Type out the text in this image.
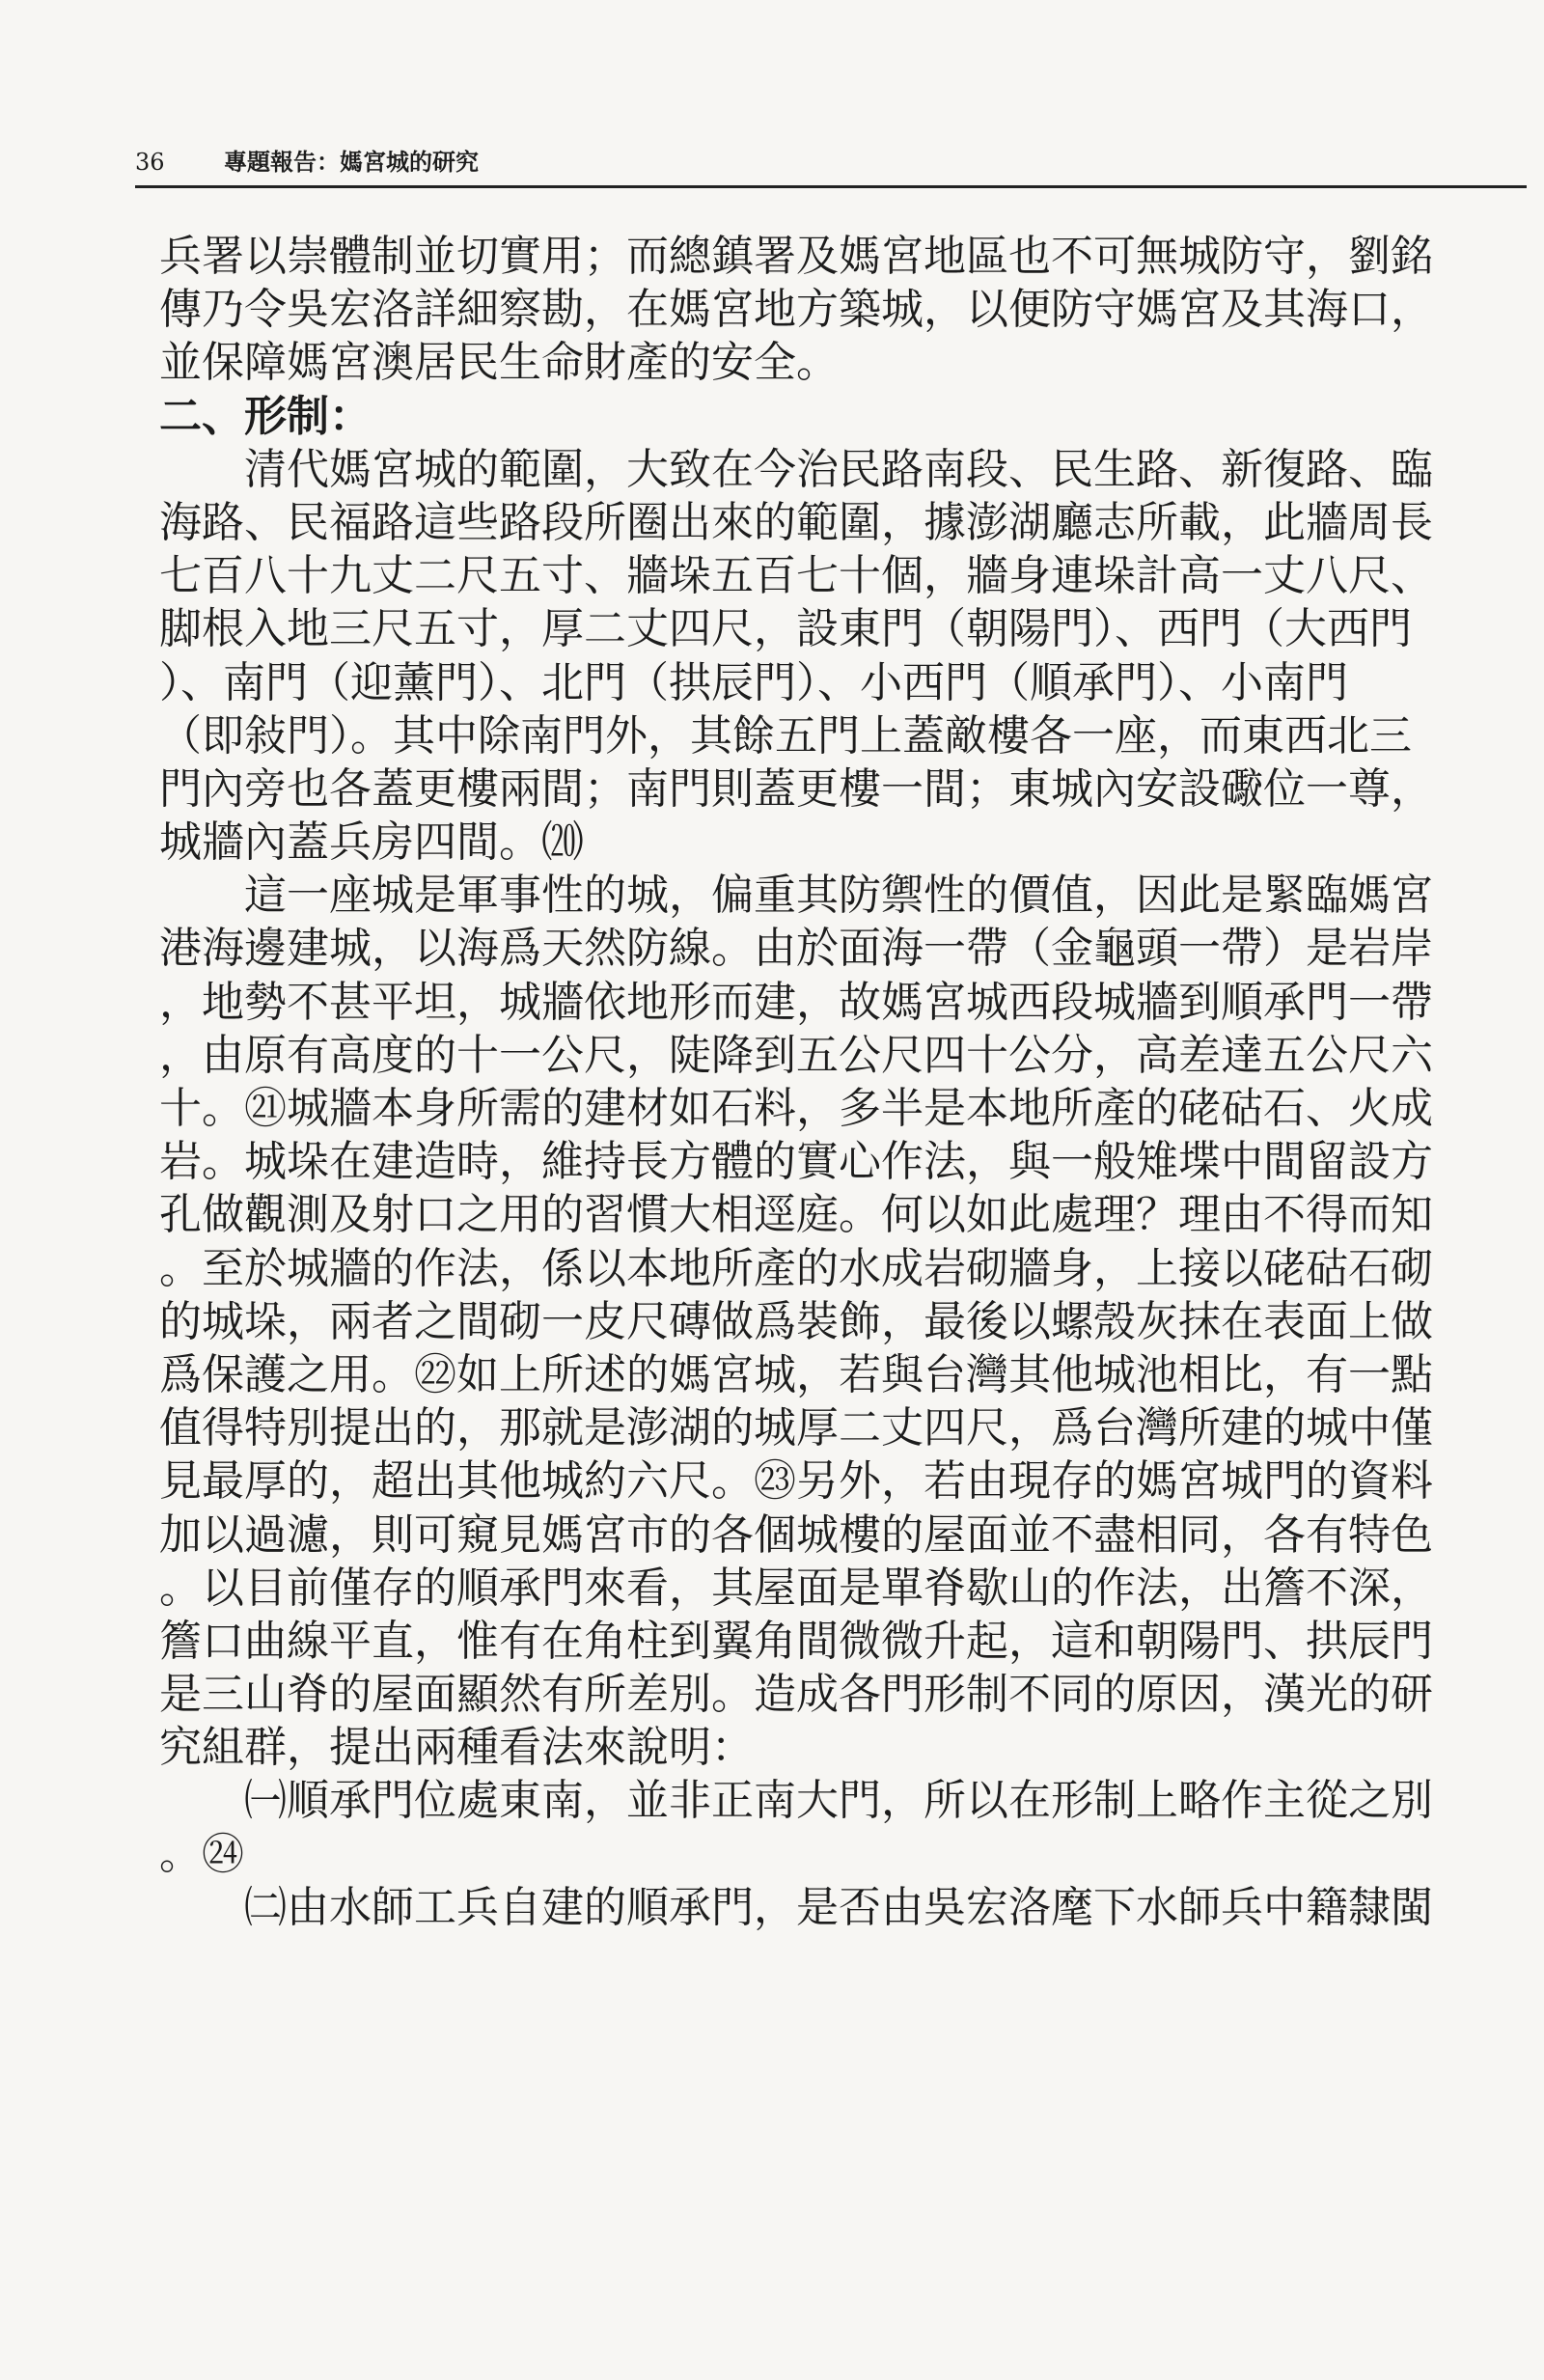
36	專題報告：媽宮城的研究
兵署以崇體制並切實用；而總鎮署及媽宮地區也不可無城防守，劉銘
傳乃令吳宏洛詳細察勘，在媽宮地方築城，以便防守媽宮及其海口，
並保障媽宮澳居民生命財產的安全。
二、形制：
　　清代媽宮城的範圍，大致在今治民路南段、民生路、新復路、臨
海路、民福路這些路段所圈出來的範圍，據澎湖廳志所載，此牆周長
七百八十九丈二尺五寸、牆垛五百七十個，牆身連垛計高一丈八尺、
脚根入地三尺五寸，厚二丈四尺，設東門（朝陽門）、西門（大西門
）、南門（迎薰門）、北門（拱辰門）、小西門（順承門）、小南門
（即敍門）。其中除南門外，其餘五門上蓋敵樓各一座，而東西北三
門內旁也各蓋更樓兩間；南門則蓋更樓一間；東城內安設礮位一尊，
城牆內蓋兵房四間。⒇
　　這一座城是軍事性的城，偏重其防禦性的價值，因此是緊臨媽宮
港海邊建城，以海爲天然防線。由於面海一帶（金龜頭一帶）是岩岸
，地勢不甚平坦，城牆依地形而建，故媽宮城西段城牆到順承門一帶
，由原有高度的十一公尺，陡降到五公尺四十公分，高差達五公尺六
十。㉑城牆本身所需的建材如石料，多半是本地所產的硓𥑮石、火成
岩。城垛在建造時，維持長方體的實心作法，與一般雉堞中間留設方
孔做觀測及射口之用的習慣大相逕庭。何以如此處理？理由不得而知
。至於城牆的作法，係以本地所產的水成岩砌牆身，上接以硓𥑮石砌
的城垛，兩者之間砌一皮尺磚做爲裝飾，最後以螺殼灰抹在表面上做
爲保護之用。㉒如上所述的媽宮城，若與台灣其他城池相比，有一點
值得特別提出的，那就是澎湖的城厚二丈四尺，爲台灣所建的城中僅
見最厚的，超出其他城約六尺。㉓另外，若由現存的媽宮城門的資料
加以過濾，則可窺見媽宮市的各個城樓的屋面並不盡相同，各有特色
。以目前僅存的順承門來看，其屋面是單脊歇山的作法，出簷不深，
簷口曲線平直，惟有在角柱到翼角間微微升起，這和朝陽門、拱辰門
是三山脊的屋面顯然有所差別。造成各門形制不同的原因，漢光的研
究組群，提出兩種看法來說明：
　　㈠順承門位處東南，並非正南大門，所以在形制上略作主從之別
。㉔
　　㈡由水師工兵自建的順承門，是否由吳宏洛麾下水師兵中籍隸閩
